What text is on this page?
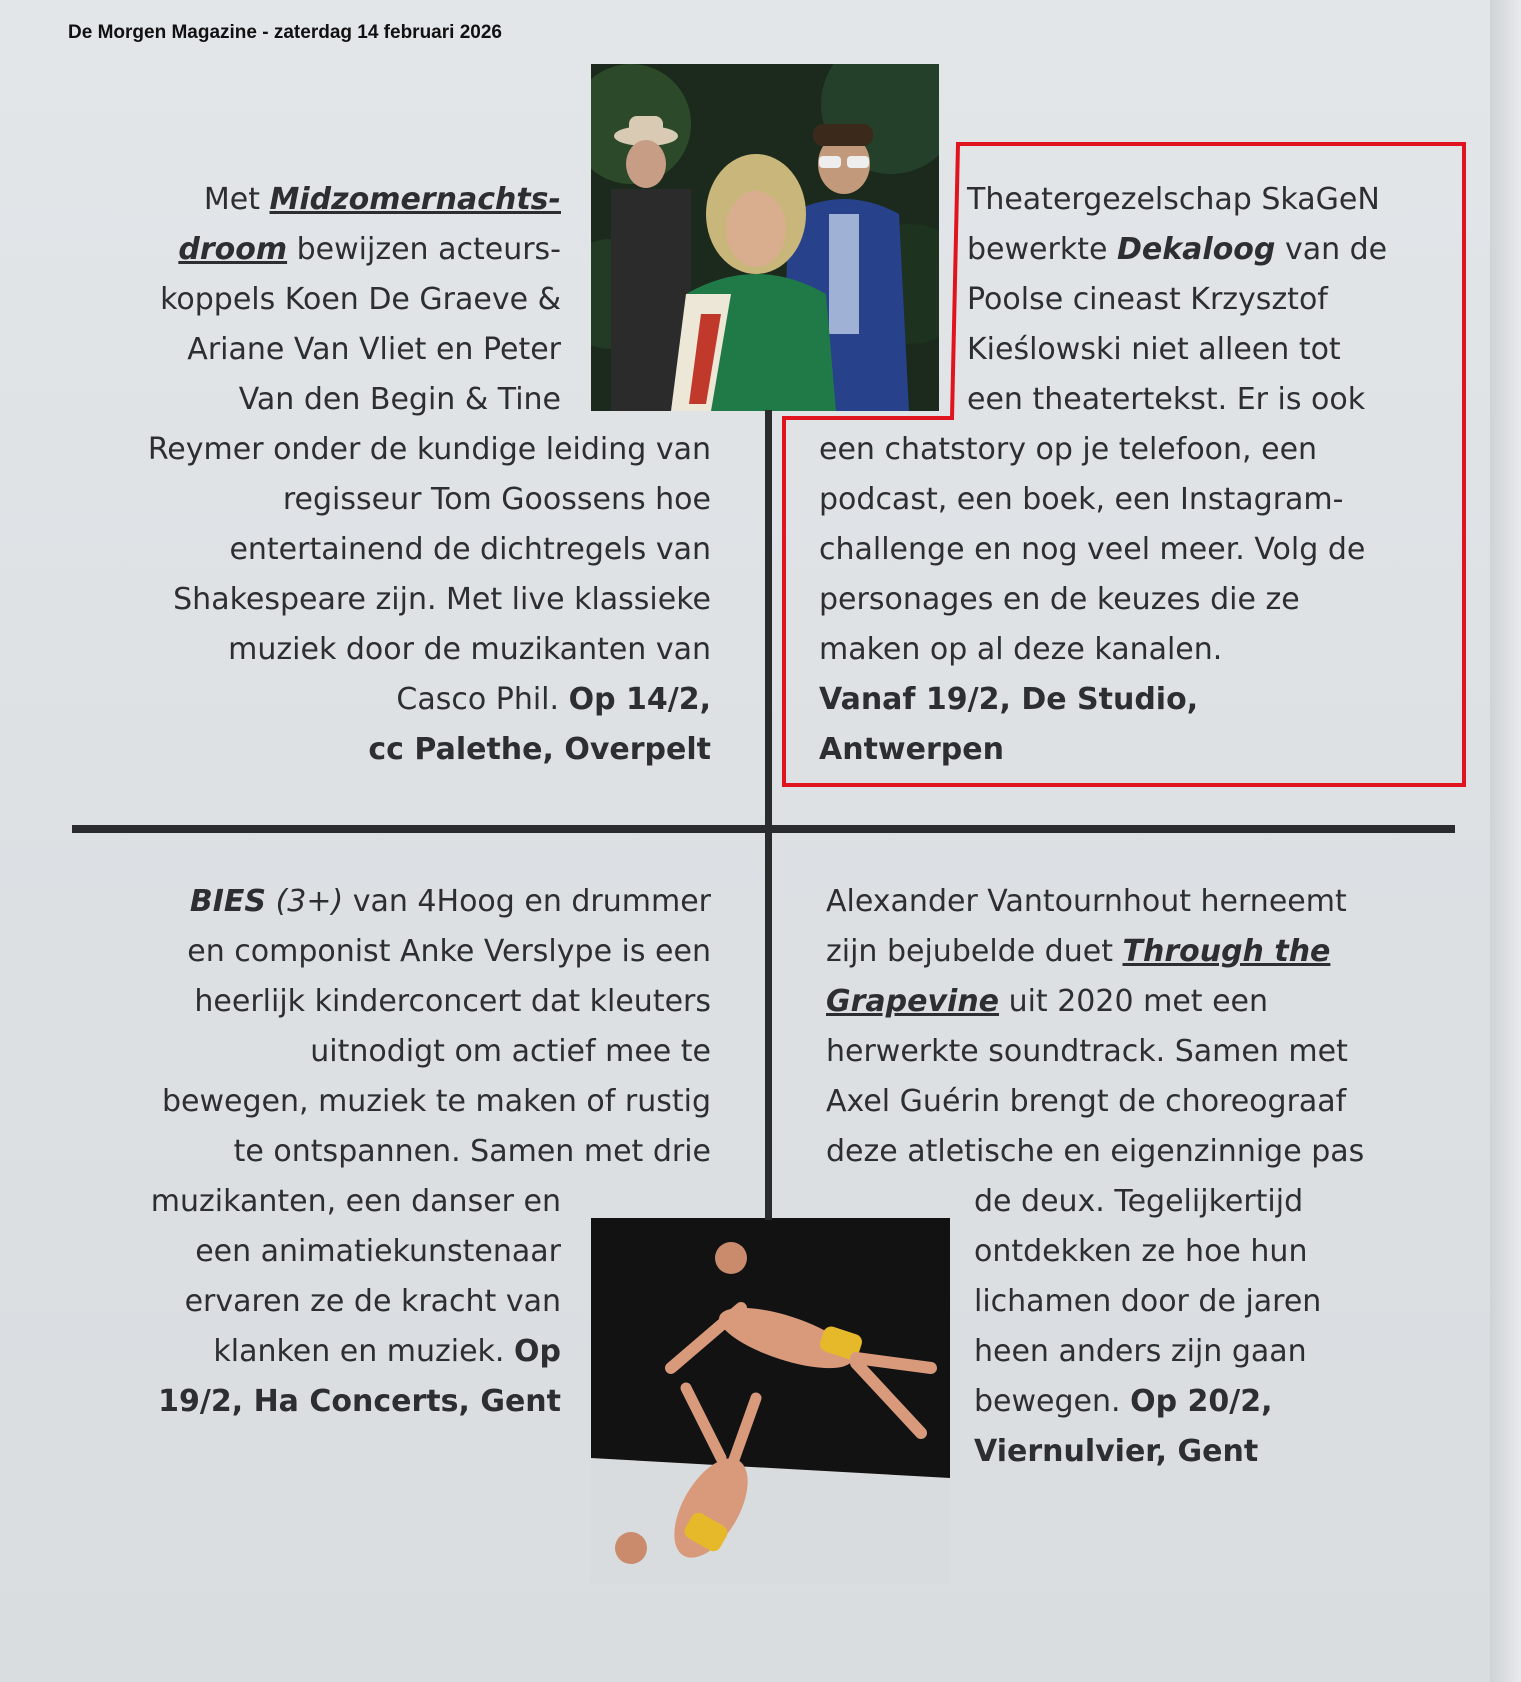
De Morgen Magazine - zaterdag 14 februari 2026
Met Midzomernachts-
droom bewijzen acteurs-
koppels Koen De Graeve &
Ariane Van Vliet en Peter
Van den Begin & Tine
Reymer onder de kundige leiding van
regisseur Tom Goossens hoe
entertainend de dichtregels van
Shakespeare zijn. Met live klassieke
muziek door de muzikanten van
Casco Phil. Op 14/2,
cc Palethe, Overpelt
Theatergezelschap SkaGeN
bewerkte Dekaloog van de
Poolse cineast Krzysztof
Kieślowski niet alleen tot
een theatertekst. Er is ook
een chatstory op je telefoon, een
podcast, een boek, een Instagram-
challenge en nog veel meer. Volg de
personages en de keuzes die ze
maken op al deze kanalen.
Vanaf 19/2, De Studio,
Antwerpen
BIES (3+) van 4Hoog en drummer
en componist Anke Verslype is een
heerlijk kinderconcert dat kleuters
uitnodigt om actief mee te
bewegen, muziek te maken of rustig
te ontspannen. Samen met drie
muzikanten, een danser en
een animatiekunstenaar
ervaren ze de kracht van
klanken en muziek. Op
19/2, Ha Concerts, Gent
Alexander Vantournhout herneemt
zijn bejubelde duet Through the
Grapevine uit 2020 met een
herwerkte soundtrack. Samen met
Axel Guérin brengt de choreograaf
deze atletische en eigenzinnige pas
de deux. Tegelijkertijd
ontdekken ze hoe hun
lichamen door de jaren
heen anders zijn gaan
bewegen. Op 20/2,
Viernulvier, Gent
